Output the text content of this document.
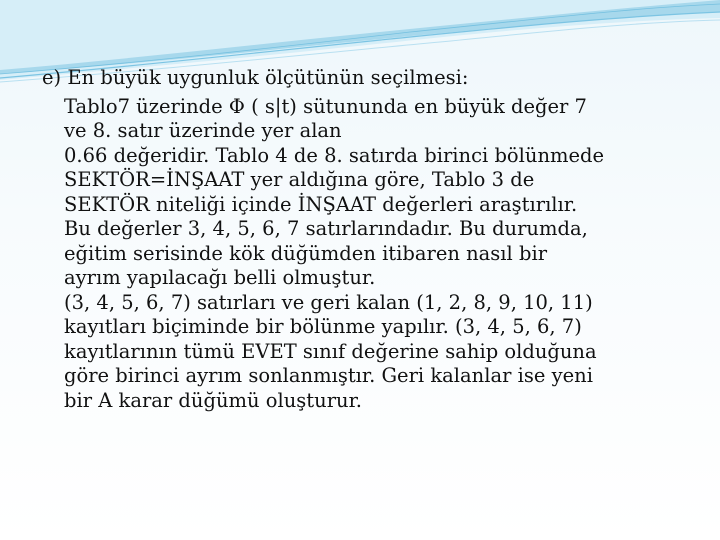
e) En büyük uygunluk ölçütünün seçilmesi:
Tablo7 üzerinde Φ ( s|t) sütununda en büyük değer 7
ve 8. satır üzerinde yer alan
0.66 değeridir. Tablo 4 de 8. satırda birinci bölünmede
SEKTÖR=İNŞAAT yer aldığına göre, Tablo 3 de
SEKTÖR niteliği içinde İNŞAAT değerleri araştırılır.
Bu değerler 3, 4, 5, 6, 7 satırlarındadır. Bu durumda,
eğitim serisinde kök düğümden itibaren nasıl bir
ayrım yapılacağı belli olmuştur.
(3, 4, 5, 6, 7) satırları ve geri kalan (1, 2, 8, 9, 10, 11)
kayıtları biçiminde bir bölünme yapılır. (3, 4, 5, 6, 7)
kayıtlarının tümü EVET sınıf değerine sahip olduğuna
göre birinci ayrım sonlanmıştır. Geri kalanlar ise yeni
bir A karar düğümü oluşturur.
